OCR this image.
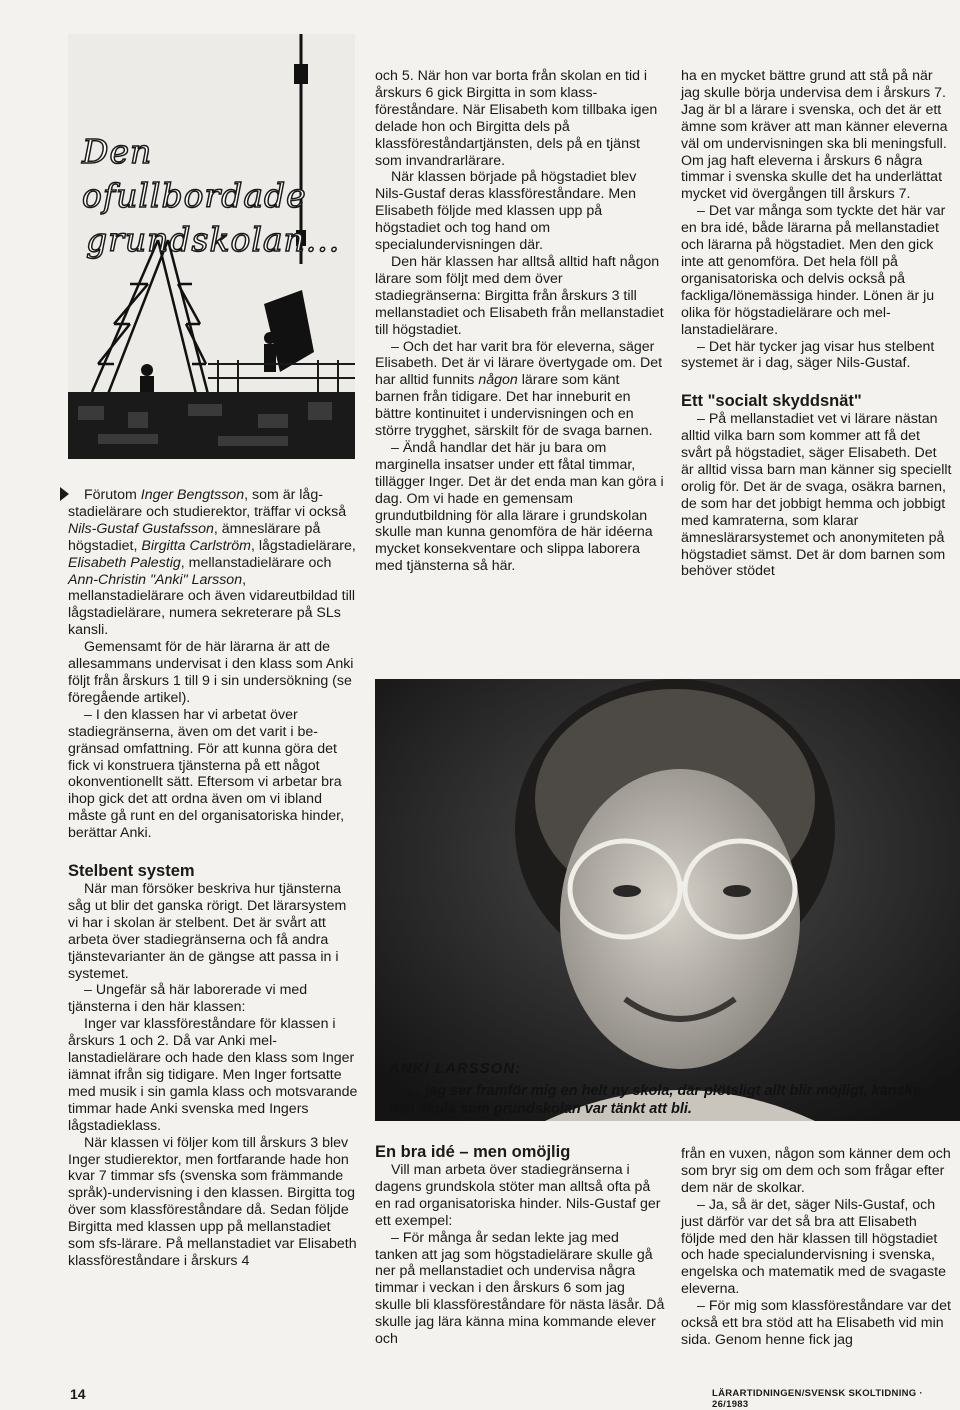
Den ofullbordade
grundskolan...

Förutom Inger Bengtsson, som är lågstadielärare och studierektor, träffar vi också Nils-Gustaf Gustafsson, ämneslärare på högstadiet, Birgitta Carlström, lågstadielärare, Elisabeth Palestig, mellanstadielärare och Ann-Christin "Anki" Larsson, mellanstadielärare och även vidareutbildad till lågstadielärare, numera sekreterare på SLs kansli.

Gemensamt för de här lärarna är att de allesammans undervisat i den klass som Anki följt från årskurs 1 till 9 i sin undersökning (se föregående artikel).

– I den klassen har vi arbetat över stadiegränserna, även om det varit i begränsad omfattning. För att kunna göra det fick vi konstruera tjänsterna på ett något okonventionellt sätt. Eftersom vi arbetar bra ihop gick det att ordna även om vi ibland måste gå runt en del organisatoriska hinder, berättar Anki.

Stelbent system

När man försöker beskriva hur tjänsterna såg ut blir det ganska rörigt. Det lärarsystem vi har i skolan är stelbent. Det är svårt att arbeta över stadiegränserna och få andra tjänstevarianter än de gängse att passa in i systemet.

– Ungefär så här laborerade vi med tjänsterna i den här klassen:

Inger var klassföreståndare för klassen i årskurs 1 och 2. Då var Anki mellanstadielärare och hade den klass som Inger iämnat ifrån sig tidigare. Men Inger fortsatte med musik i sin gamla klass och motsvarande timmar hade Anki svenska med Ingers lågstadieklass.

När klassen vi följer kom till årskurs 3 blev Inger studierektor, men fortfarande hade hon kvar 7 timmar sfs (svenska som främmande språk)-undervisning i den klassen. Birgitta tog över som klassföreståndare då. Sedan följde Birgitta med klassen upp på mellanstadiet som sfs-lärare. På mellanstadiet var Elisabeth klassföreståndare i årskurs 4

och 5. När hon var borta från skolan en tid i årskurs 6 gick Birgitta in som klassföreståndare. När Elisabeth kom tillbaka igen delade hon och Birgitta dels på klassföreståndartjänsten, dels på en tjänst som invandrarlärare.

När klassen började på högstadiet blev Nils-Gustaf deras klassföreståndare. Men Elisabeth följde med klassen upp på högstadiet och tog hand om specialundervisningen där.

Den här klassen har alltså alltid haft någon lärare som följt med dem över stadiegränserna: Birgitta från årskurs 3 till mellanstadiet och Elisabeth från mellanstadiet till högstadiet.

– Och det har varit bra för eleverna, säger Elisabeth. Det är vi lärare övertygade om. Det har alltid funnits någon lärare som känt barnen från tidigare. Det har inneburit en bättre kontinuitet i undervisningen och en större trygghet, särskilt för de svaga barnen.

– Ändå handlar det här ju bara om marginella insatser under ett fåtal timmar, tillägger Inger. Det är det enda man kan göra i dag. Om vi hade en gemensam grundutbildning för alla lärare i grundskolan skulle man kunna genomföra de här idéerna mycket konsekventare och slippa laborera med tjänsterna så här.

ha en mycket bättre grund att stå på när jag skulle börja undervisa dem i årskurs 7. Jag är bl a lärare i svenska, och det är ett ämne som kräver att man känner eleverna väl om undervisningen ska bli meningsfull. Om jag haft eleverna i årskurs 6 några timmar i svenska skulle det ha underlättat mycket vid övergången till årskurs 7.

– Det var många som tyckte det här var en bra idé, både lärarna på mellanstadiet och lärarna på högstadiet. Men den gick inte att genomföra. Det hela föll på organisatoriska och delvis också på fackliga/lönemässiga hinder. Lönen är ju olika för högstadielärare och mellanstadielärare.

– Det här tycker jag visar hus stelbent systemet är i dag, säger Nils-Gustaf.

Ett "socialt skyddsnät"

– På mellanstadiet vet vi lärare nästan alltid vilka barn som kommer att få det svårt på högstadiet, säger Elisabeth. Det är alltid vissa barn man känner sig speciellt orolig för. Det är de svaga, osäkra barnen, de som har det jobbigt hemma och jobbigt med kamraterna, som klarar ämneslärarsystemet och anonymiteten på högstadiet sämst. Det är dom barnen som behöver stödet

ANKI LARSSON:
– . . . jag ser framför mig en helt ny skola, där plötsligt allt blir möjligt, kanske den skola som grundskolan var tänkt att bli.

En bra idé – men omöjlig

Vill man arbeta över stadiegränserna i dagens grundskola stöter man alltså ofta på en rad organisatoriska hinder. Nils-Gustaf ger ett exempel:

– För många år sedan lekte jag med tanken att jag som högstadielärare skulle gå ner på mellanstadiet och undervisa några timmar i veckan i den årskurs 6 som jag skulle bli klassföreståndare för nästa läsår. Då skulle jag lära känna mina kommande elever och

från en vuxen, någon som känner dem och som bryr sig om dem och som frågar efter dem när de skolkar.

– Ja, så är det, säger Nils-Gustaf, och just därför var det så bra att Elisabeth följde med den här klassen till högstadiet och hade specialundervisning i svenska, engelska och matematik med de svagaste eleverna.

– För mig som klassföreståndare var det också ett bra stöd att ha Elisabeth vid min sida. Genom henne fick jag

14	LÄRARTIDNINGEN/SVENSK SKOLTIDNING · 26/1983
